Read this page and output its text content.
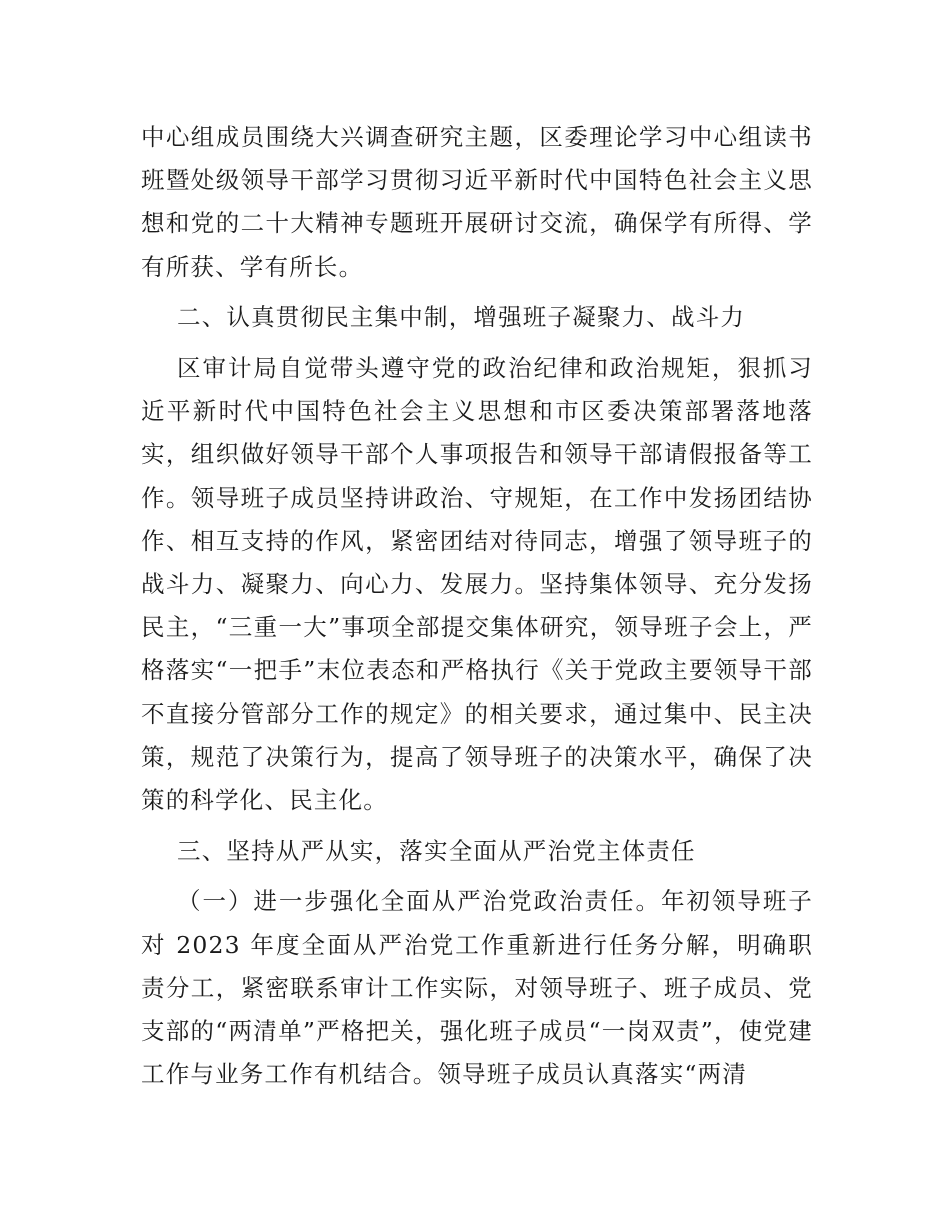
中心组成员围绕大兴调查研究主题，区委理论学习中心组读书班暨处级领导干部学习贯彻习近平新时代中国特色社会主义思想和党的二十大精神专题班开展研讨交流，确保学有所得、学有所获、学有所长。

二、认真贯彻民主集中制，增强班子凝聚力、战斗力

区审计局自觉带头遵守党的政治纪律和政治规矩，狠抓习近平新时代中国特色社会主义思想和市区委决策部署落地落实，组织做好领导干部个人事项报告和领导干部请假报备等工作。领导班子成员坚持讲政治、守规矩，在工作中发扬团结协作、相互支持的作风，紧密团结对待同志，增强了领导班子的战斗力、凝聚力、向心力、发展力。坚持集体领导、充分发扬民主，“三重一大”事项全部提交集体研究，领导班子会上，严格落实“一把手”末位表态和严格执行《关于党政主要领导干部不直接分管部分工作的规定》的相关要求，通过集中、民主决策，规范了决策行为，提高了领导班子的决策水平，确保了决策的科学化、民主化。

三、坚持从严从实，落实全面从严治党主体责任

（一）进一步强化全面从严治党政治责任。年初领导班子对 2023 年度全面从严治党工作重新进行任务分解，明确职责分工，紧密联系审计工作实际，对领导班子、班子成员、党支部的“两清单”严格把关，强化班子成员“一岗双责”，使党建工作与业务工作有机结合。领导班子成员认真落实“两清
